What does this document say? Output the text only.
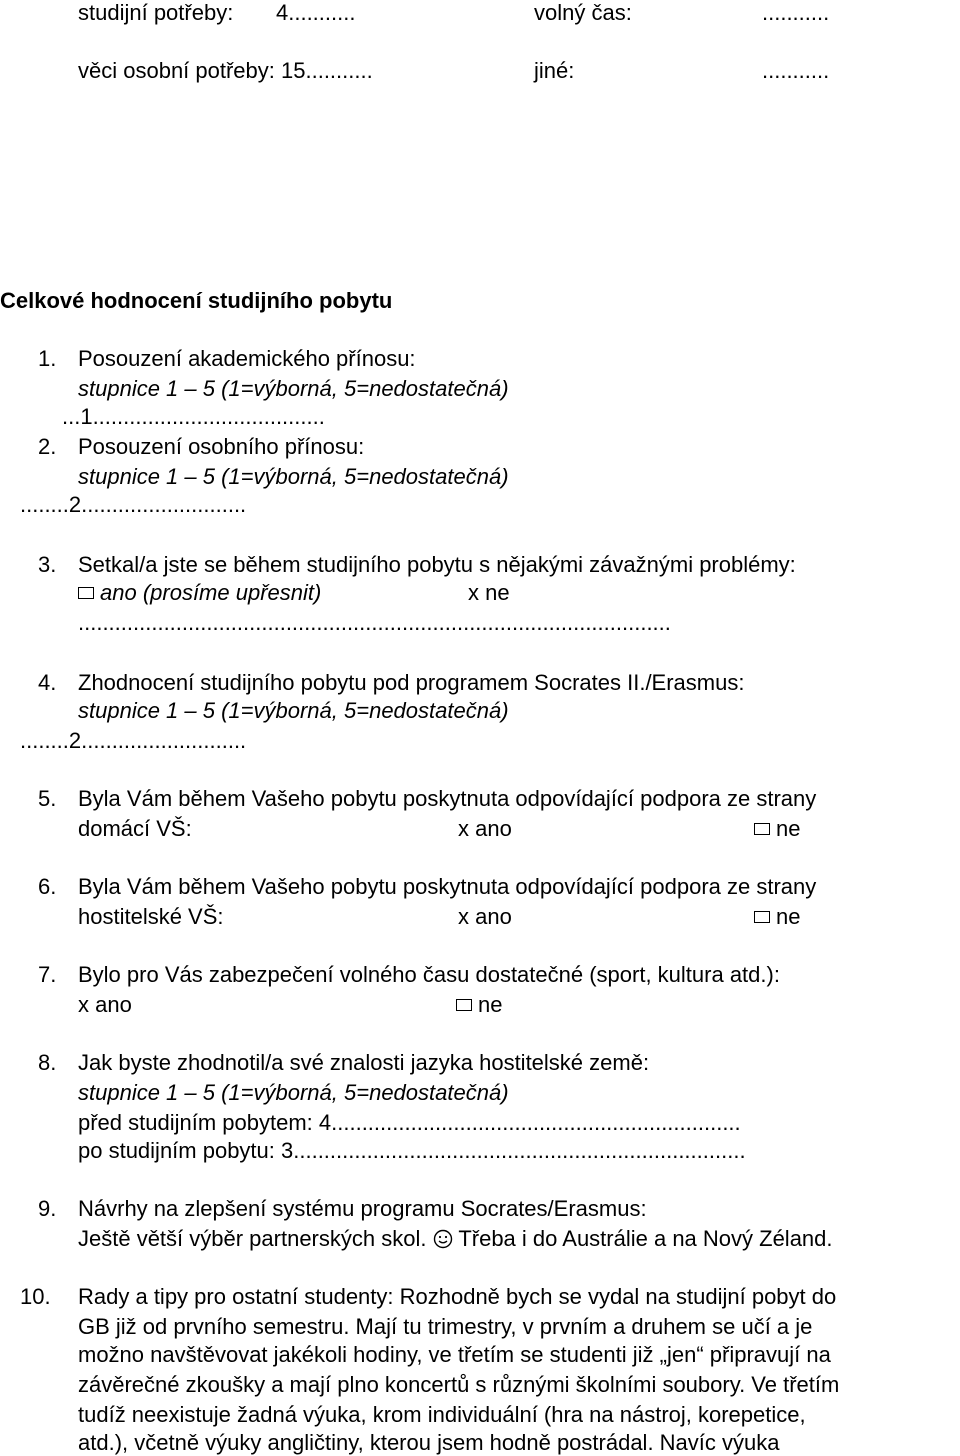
studijní potřeby: 4...........	volný čas:	...........
věci osobní potřeby: 15...........	jiné:	...........
Celkové hodnocení studijního pobytu
1. Posouzení akademického přínosu:
stupnice 1 – 5 (1=výborná, 5=nedostatečná)
...1......................................
2. Posouzení osobního přínosu:
stupnice 1 – 5 (1=výborná, 5=nedostatečná)
........2...........................
3. Setkal/a jste se během studijního pobytu s nějakými závažnými problémy:
ano (prosíme upřesnit)	x ne
.................................................................................................
4. Zhodnocení studijního pobytu pod programem Socrates II./Erasmus:
stupnice 1 – 5 (1=výborná, 5=nedostatečná)
........2...........................
5. Byla Vám během Vašeho pobytu poskytnuta odpovídající podpora ze strany
domácí VŠ:	x ano	ne
6. Byla Vám během Vašeho pobytu poskytnuta odpovídající podpora ze strany
hostitelské VŠ:	x ano	ne
7. Bylo pro Vás zabezpečení volného času dostatečné (sport, kultura atd.):
x ano	ne
8. Jak byste zhodnotil/a své znalosti jazyka hostitelské země:
stupnice 1 – 5 (1=výborná, 5=nedostatečná)
před studijním pobytem: 4...................................................................
po studijním pobytu: 3..........................................................................
9. Návrhy na zlepšení systému programu Socrates/Erasmus:
Ještě větší výběr partnerských skol. Třeba i do Austrálie a na Nový Zéland.
10. Rady a tipy pro ostatní studenty: Rozhodně bych se vydal na studijní pobyt do
GB již od prvního semestru. Mají tu trimestry, v prvním a druhem se učí a je
možno navštěvovat jakékoli hodiny, ve třetím se studenti již „jen“ připravují na
závěrečné zkoušky a mají plno koncertů s různými školními soubory. Ve třetím
tudíž neexistuje žadná výuka, krom individuální (hra na nástroj, korepetice,
atd.), včetně výuky angličtiny, kterou jsem hodně postrádal. Navíc výuka
